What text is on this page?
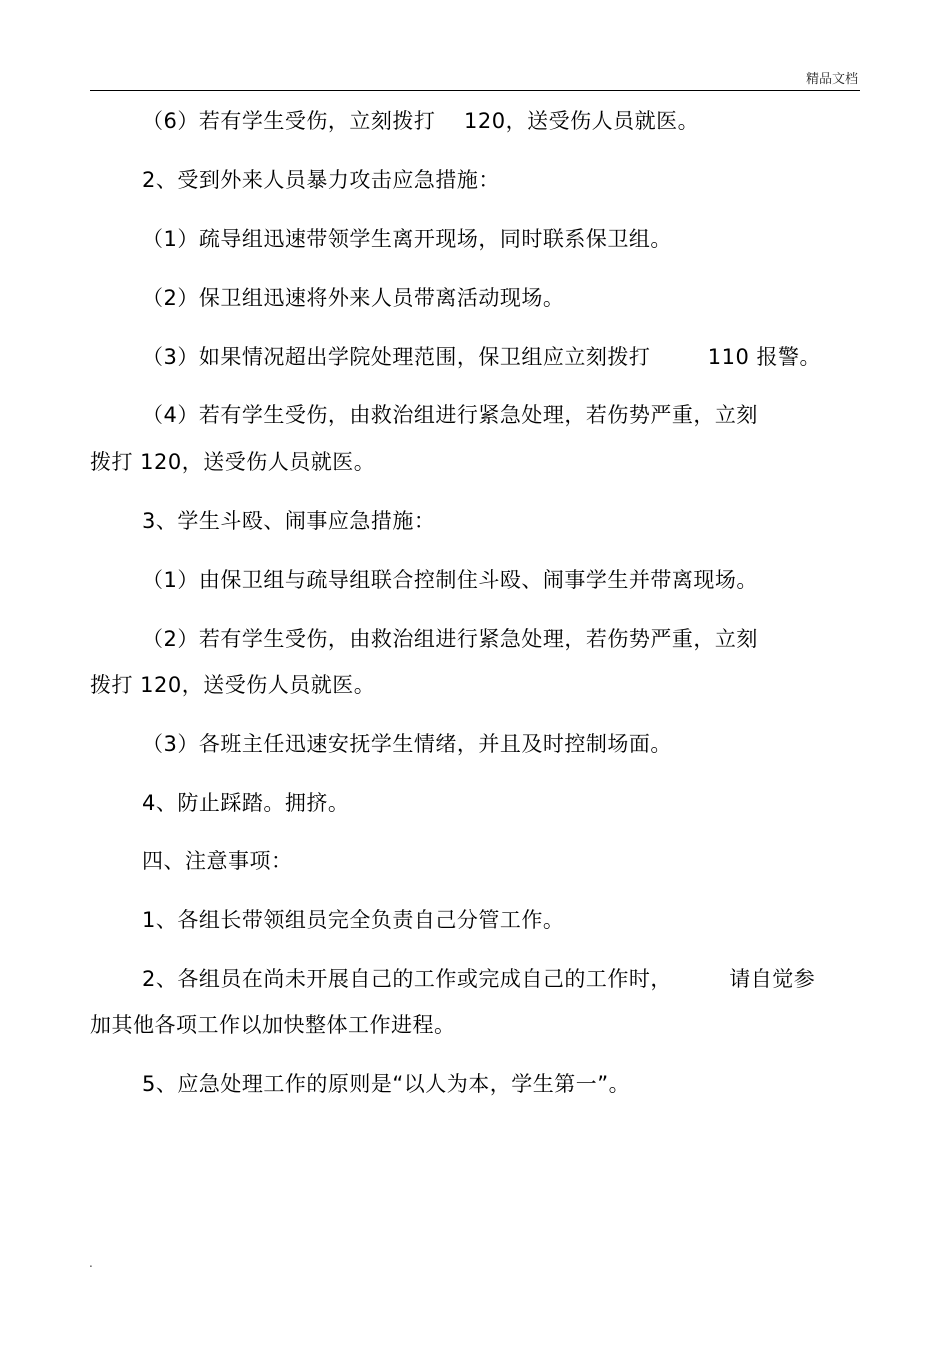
精品文档
（6）若有学生受伤，立刻拨打    120，送受伤人员就医。
2、受到外来人员暴力攻击应急措施：
（1）疏导组迅速带领学生离开现场，同时联系保卫组。
（2）保卫组迅速将外来人员带离活动现场。
（3）如果情况超出学院处理范围，保卫组应立刻拨打        110 报警。
（4）若有学生受伤，由救治组进行紧急处理，若伤势严重，立刻
拨打 120，送受伤人员就医。
3、学生斗殴、闹事应急措施：
（1）由保卫组与疏导组联合控制住斗殴、闹事学生并带离现场。
（2）若有学生受伤，由救治组进行紧急处理，若伤势严重，立刻
拨打 120，送受伤人员就医。
（3）各班主任迅速安抚学生情绪，并且及时控制场面。
4、防止踩踏。拥挤。
四、注意事项：
1、各组长带领组员完全负责自己分管工作。
2、各组员在尚未开展自己的工作或完成自己的工作时，        请自觉参
加其他各项工作以加快整体工作进程。
5、应急处理工作的原则是“以人为本，学生第一”。
.
